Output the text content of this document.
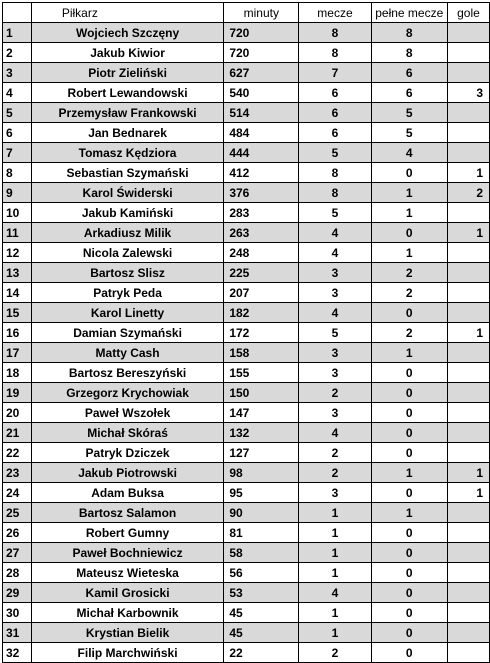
	Piłkarz	minuty	mecze	pełne mecze	gole
1	Wojciech Szczęny	720	8	8	
2	Jakub Kiwior	720	8	8	
3	Piotr Zieliński	627	7	6	
4	Robert Lewandowski	540	6	6	3
5	Przemysław Frankowski	514	6	5	
6	Jan Bednarek	484	6	5	
7	Tomasz Kędziora	444	5	4	
8	Sebastian Szymański	412	8	0	1
9	Karol Świderski	376	8	1	2
10	Jakub Kamiński	283	5	1	
11	Arkadiusz Milik	263	4	0	1
12	Nicola Zalewski	248	4	1	
13	Bartosz Slisz	225	3	2	
14	Patryk Peda	207	3	2	
15	Karol Linetty	182	4	0	
16	Damian Szymański	172	5	2	1
17	Matty Cash	158	3	1	
18	Bartosz Bereszyński	155	3	0	
19	Grzegorz Krychowiak	150	2	0	
20	Paweł Wszołek	147	3	0	
21	Michał Skóraś	132	4	0	
22	Patryk Dziczek	127	2	0	
23	Jakub Piotrowski	98	2	1	1
24	Adam Buksa	95	3	0	1
25	Bartosz Salamon	90	1	1	
26	Robert Gumny	81	1	0	
27	Paweł Bochniewicz	58	1	0	
28	Mateusz Wieteska	56	1	0	
29	Kamil Grosicki	53	4	0	
30	Michał Karbownik	45	1	0	
31	Krystian Bielik	45	1	0	
32	Filip Marchwiński	22	2	0	
